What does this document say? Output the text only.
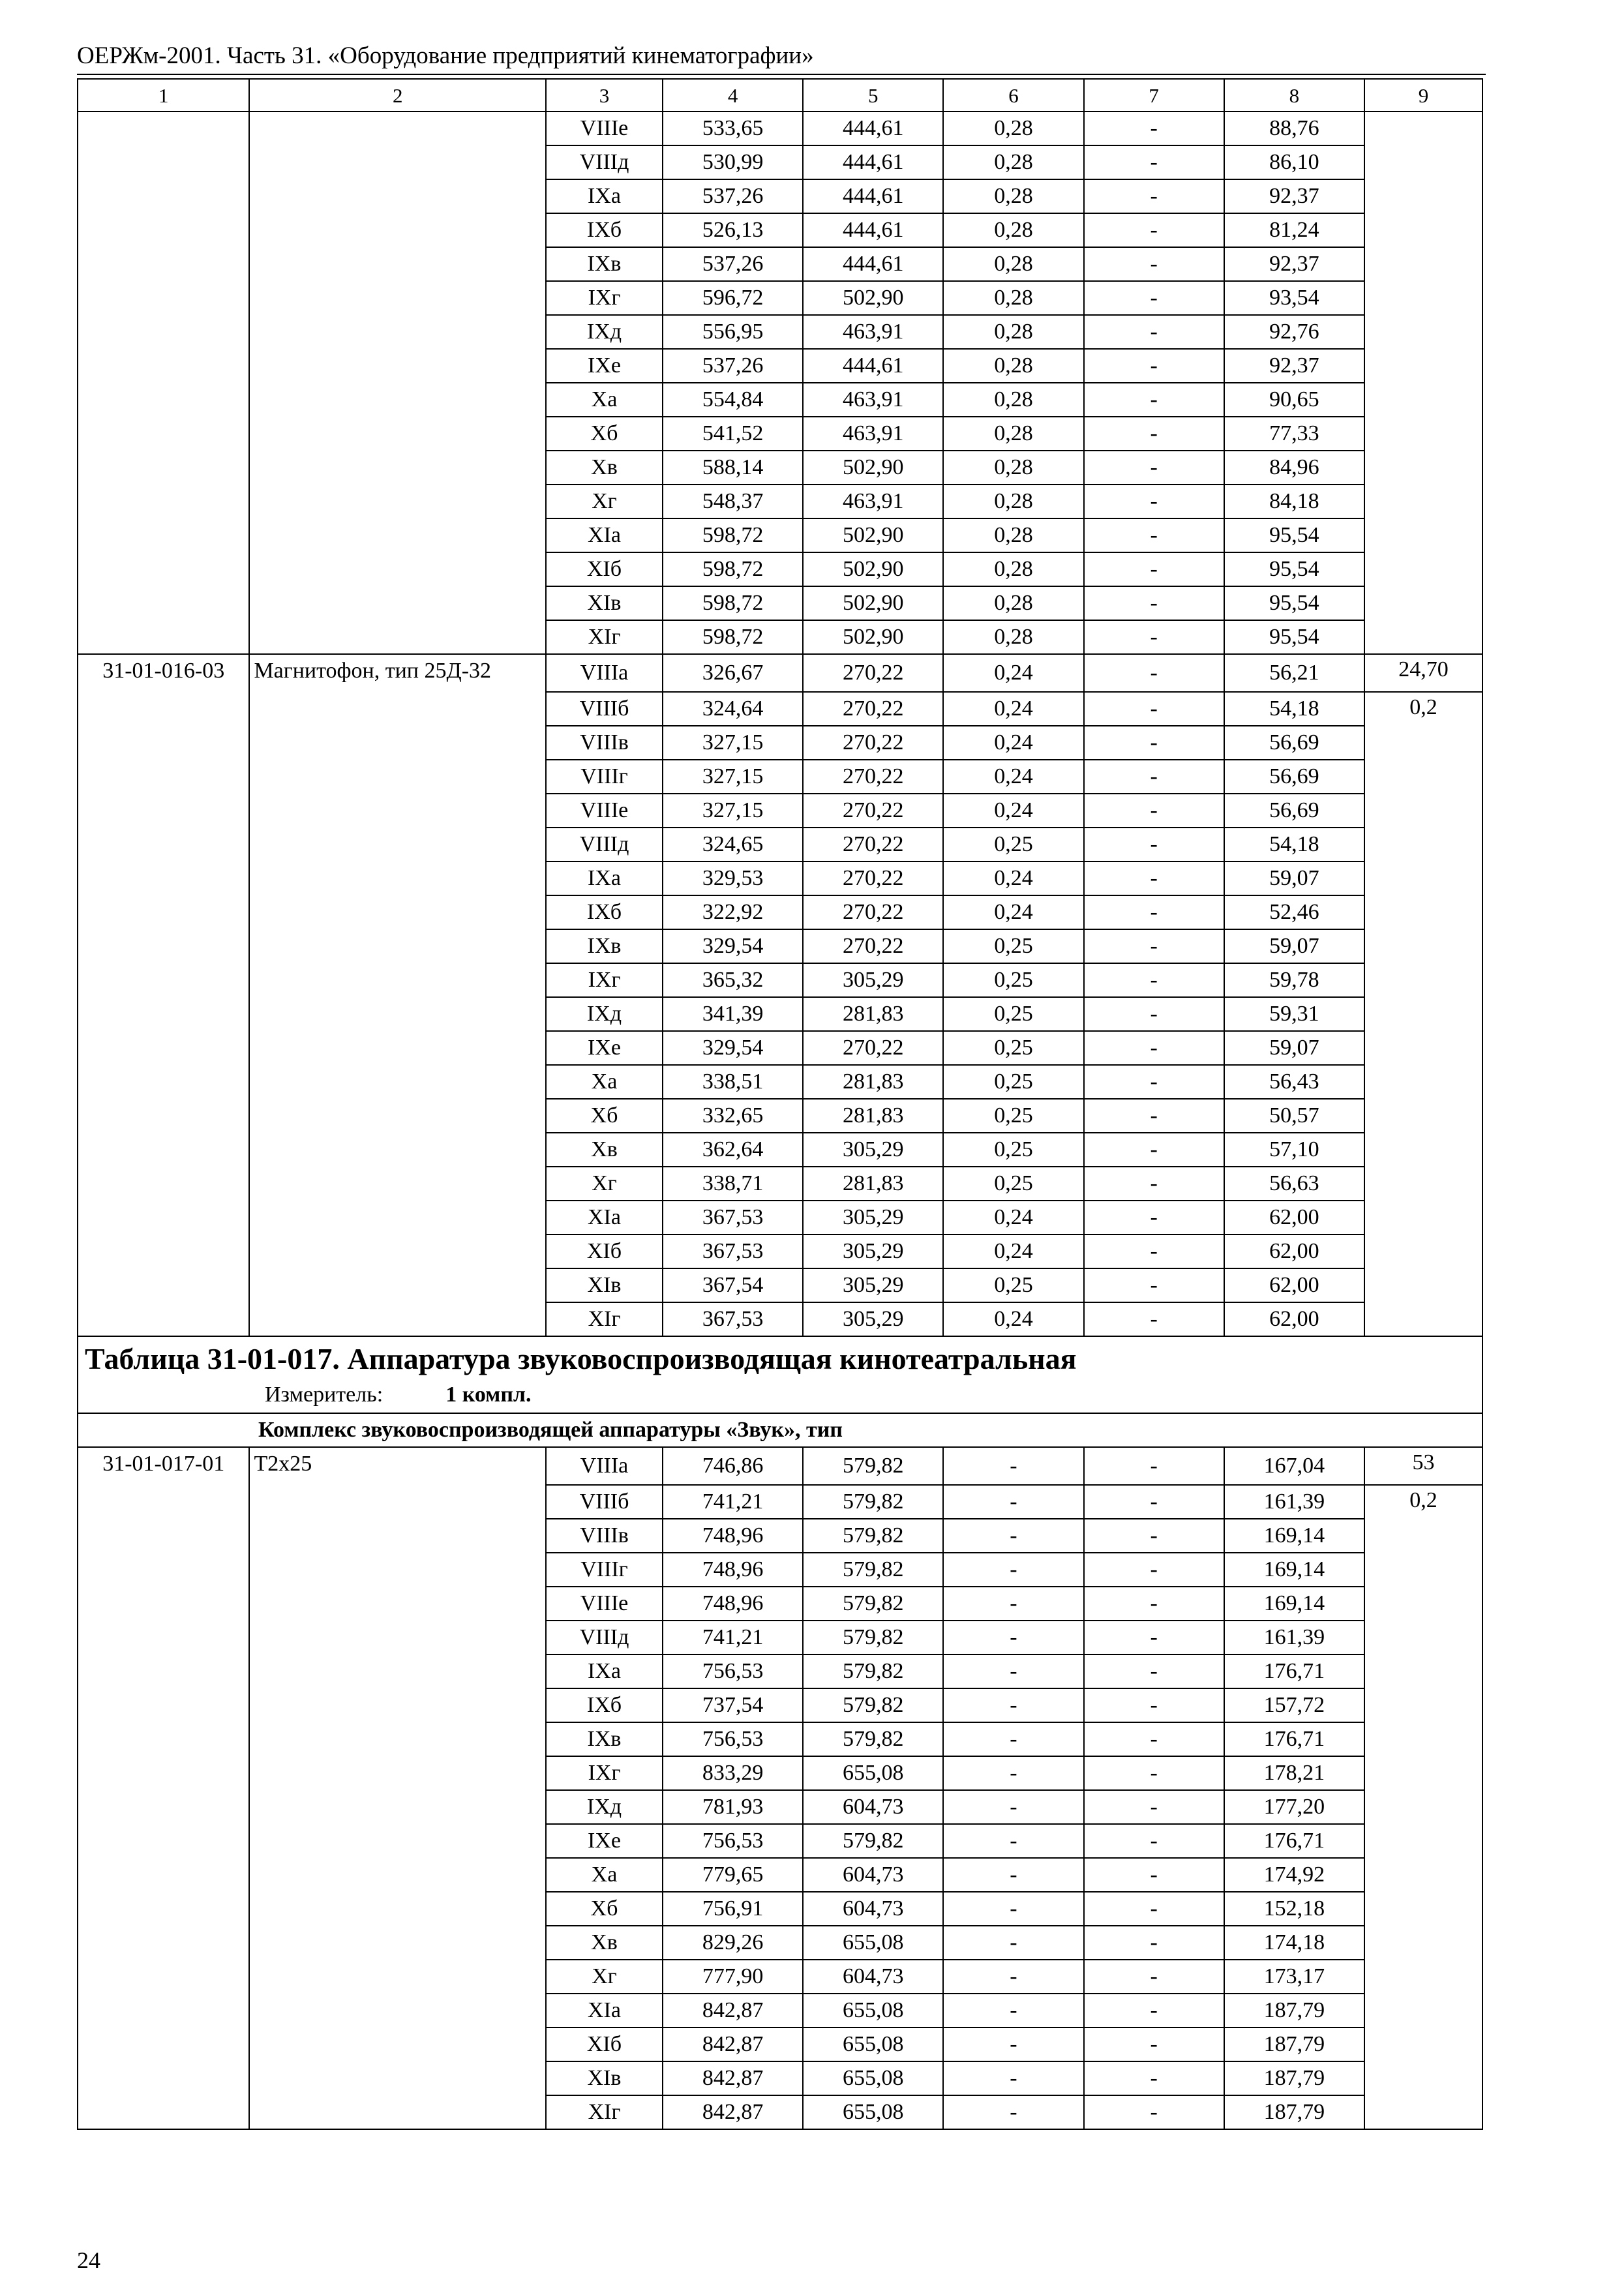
ОЕРЖм-2001. Часть 31. «Оборудование предприятий кинематографии»
1	2	3	4	5	6	7	8	9
		VIIIе	533,65	444,61	0,28	-	88,76	
		VIIIд	530,99	444,61	0,28	-	86,10	
		IXа	537,26	444,61	0,28	-	92,37	
		IXб	526,13	444,61	0,28	-	81,24	
		IXв	537,26	444,61	0,28	-	92,37	
		IXг	596,72	502,90	0,28	-	93,54	
		IXд	556,95	463,91	0,28	-	92,76	
		IXе	537,26	444,61	0,28	-	92,37	
		Xа	554,84	463,91	0,28	-	90,65	
		Xб	541,52	463,91	0,28	-	77,33	
		Xв	588,14	502,90	0,28	-	84,96	
		Xг	548,37	463,91	0,28	-	84,18	
		XIа	598,72	502,90	0,28	-	95,54	
		XIб	598,72	502,90	0,28	-	95,54	
		XIв	598,72	502,90	0,28	-	95,54	
		XIг	598,72	502,90	0,28	-	95,54	
31-01-016-03	Магнитофон, тип 25Д-32	VIIIа	326,67	270,22	0,24	-	56,21	24,70
		VIIIб	324,64	270,22	0,24	-	54,18	0,2
		VIIIв	327,15	270,22	0,24	-	56,69	
		VIIIг	327,15	270,22	0,24	-	56,69	
		VIIIе	327,15	270,22	0,24	-	56,69	
		VIIIд	324,65	270,22	0,25	-	54,18	
		IXа	329,53	270,22	0,24	-	59,07	
		IXб	322,92	270,22	0,24	-	52,46	
		IXв	329,54	270,22	0,25	-	59,07	
		IXг	365,32	305,29	0,25	-	59,78	
		IXд	341,39	281,83	0,25	-	59,31	
		IXе	329,54	270,22	0,25	-	59,07	
		Xа	338,51	281,83	0,25	-	56,43	
		Xб	332,65	281,83	0,25	-	50,57	
		Xв	362,64	305,29	0,25	-	57,10	
		Xг	338,71	281,83	0,25	-	56,63	
		XIа	367,53	305,29	0,24	-	62,00	
		XIб	367,53	305,29	0,24	-	62,00	
		XIв	367,54	305,29	0,25	-	62,00	
		XIг	367,53	305,29	0,24	-	62,00	

Таблица 31-01-017. Аппаратура звуковоспроизводящая кинотеатральная
Измеритель: 1 компл.								

Комплекс звуковоспроизводящей аппаратуры «Звук», тип								
31-01-017-01	Т2х25	VIIIа	746,86	579,82	-	-	167,04	53
		VIIIб	741,21	579,82	-	-	161,39	0,2
		VIIIв	748,96	579,82	-	-	169,14	
		VIIIг	748,96	579,82	-	-	169,14	
		VIIIе	748,96	579,82	-	-	169,14	
		VIIIд	741,21	579,82	-	-	161,39	
		IXа	756,53	579,82	-	-	176,71	
		IXб	737,54	579,82	-	-	157,72	
		IXв	756,53	579,82	-	-	176,71	
		IXг	833,29	655,08	-	-	178,21	
		IXд	781,93	604,73	-	-	177,20	
		IXе	756,53	579,82	-	-	176,71	
		Xа	779,65	604,73	-	-	174,92	
		Xб	756,91	604,73	-	-	152,18	
		Xв	829,26	655,08	-	-	174,18	
		Xг	777,90	604,73	-	-	173,17	
		XIа	842,87	655,08	-	-	187,79	
		XIб	842,87	655,08	-	-	187,79	
		XIв	842,87	655,08	-	-	187,79	
		XIг	842,87	655,08	-	-	187,79	
24
